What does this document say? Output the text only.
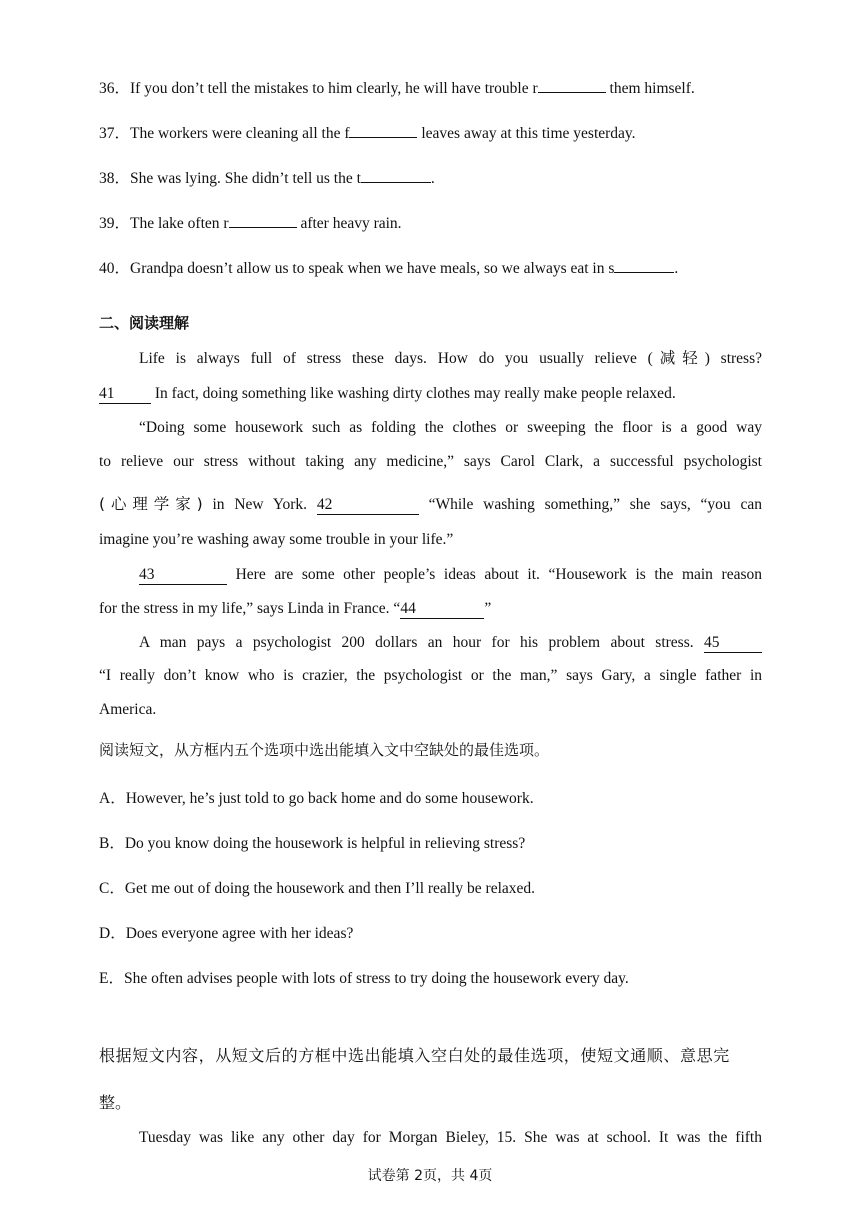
36．If you don’t tell the mistakes to him clearly, he will have trouble r	them himself.
37．The workers were cleaning all the f	leaves away at this time yesterday.
38．She was lying. She didn’t tell us the t	.
39．The lake often r	after heavy rain.
40．Grandpa doesn’t allow us to speak when we have meals, so we always eat in s	.
二、阅读理解
Life is always full of stress these days. How do you usually relieve (减轻) stress?
41 In fact, doing something like washing dirty clothes may really make people relaxed.
“Doing some housework such as folding the clothes or sweeping the floor is a good way
to relieve our stress without taking any medicine,” says Carol Clark, a successful psychologist
(心理学家) in New York. 42	“While washing something,” she says, “you can
imagine you’re washing away some trouble in your life.”
43	Here are some other people’s ideas about it. “Housework is the main reason
for the stress in my life,” says Linda in France. “44	”
A man pays a psychologist 200 dollars an hour for his problem about stress. 45
“I really don’t know who is crazier, the psychologist or the man,” says Gary, a single father in
America.
阅读短文，从方框内五个选项中选出能填入文中空缺处的最佳选项。
A．However, he’s just told to go back home and do some housework.
B．Do you know doing the housework is helpful in relieving stress?
C．Get me out of doing the housework and then I’ll really be relaxed.
D．Does everyone agree with her ideas?
E．She often advises people with lots of stress to try doing the housework every day.
根据短文内容，从短文后的方框中选出能填入空白处的最佳选项，使短文通顺、意思完
整。
Tuesday was like any other day for Morgan Bieley, 15. She was at school. It was the fifth
试卷第 2页，共 4页
